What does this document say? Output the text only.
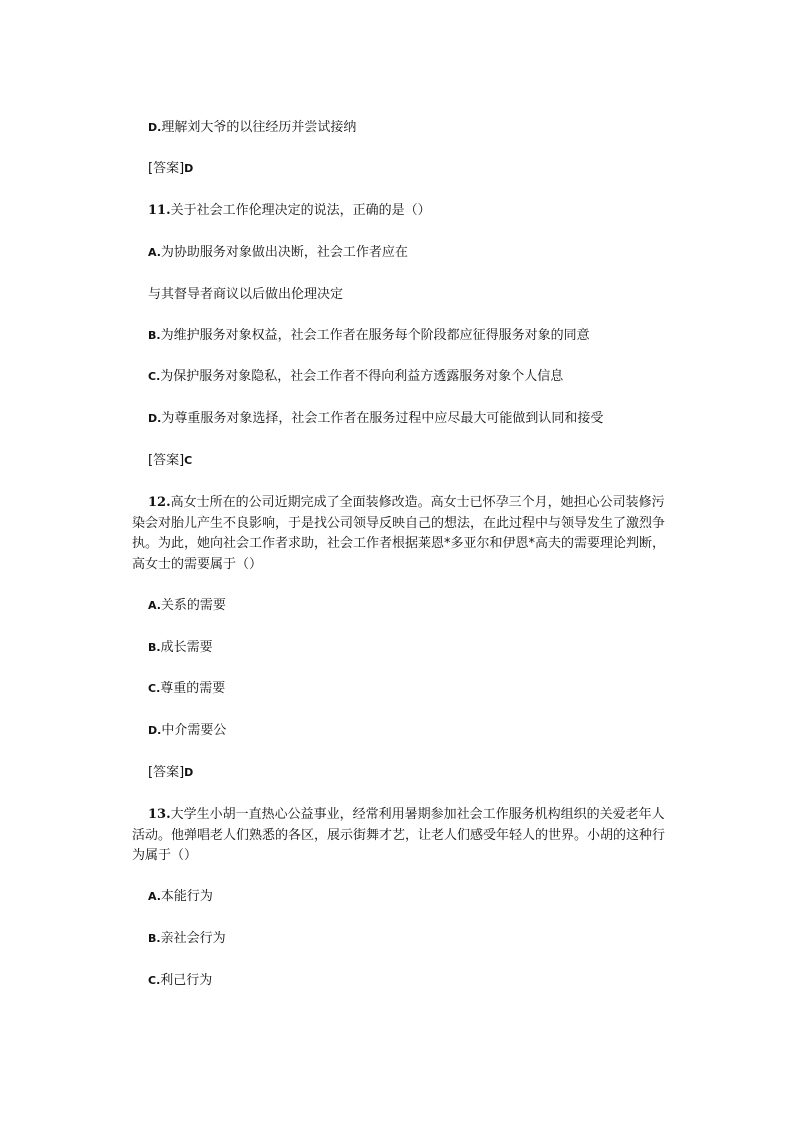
D.理解刘大爷的以往经历并尝试接纳
[答案]D
11.关于社会工作伦理决定的说法，正确的是（）
A.为协助服务对象做出决断，社会工作者应在
与其督导者商议以后做出伦理决定
B.为维护服务对象权益，社会工作者在服务每个阶段都应征得服务对象的同意
C.为保护服务对象隐私，社会工作者不得向利益方透露服务对象个人信息
D.为尊重服务对象选择，社会工作者在服务过程中应尽最大可能做到认同和接受
[答案]C
12.高女士所在的公司近期完成了全面装修改造。高女士已怀孕三个月，她担心公司装修污染会对胎儿产生不良影响，于是找公司领导反映自己的想法，在此过程中与领导发生了激烈争执。为此，她向社会工作者求助，社会工作者根据莱恩*多亚尔和伊恩*高夫的需要理论判断，高女士的需要属于（）
A.关系的需要
B.成长需要
C.尊重的需要
D.中介需要公
[答案]D
13.大学生小胡一直热心公益事业，经常利用暑期参加社会工作服务机构组织的关爱老年人活动。他弹唱老人们熟悉的各区，展示街舞才艺，让老人们感受年轻人的世界。小胡的这种行为属于（）
A.本能行为
B.亲社会行为
C.利己行为
